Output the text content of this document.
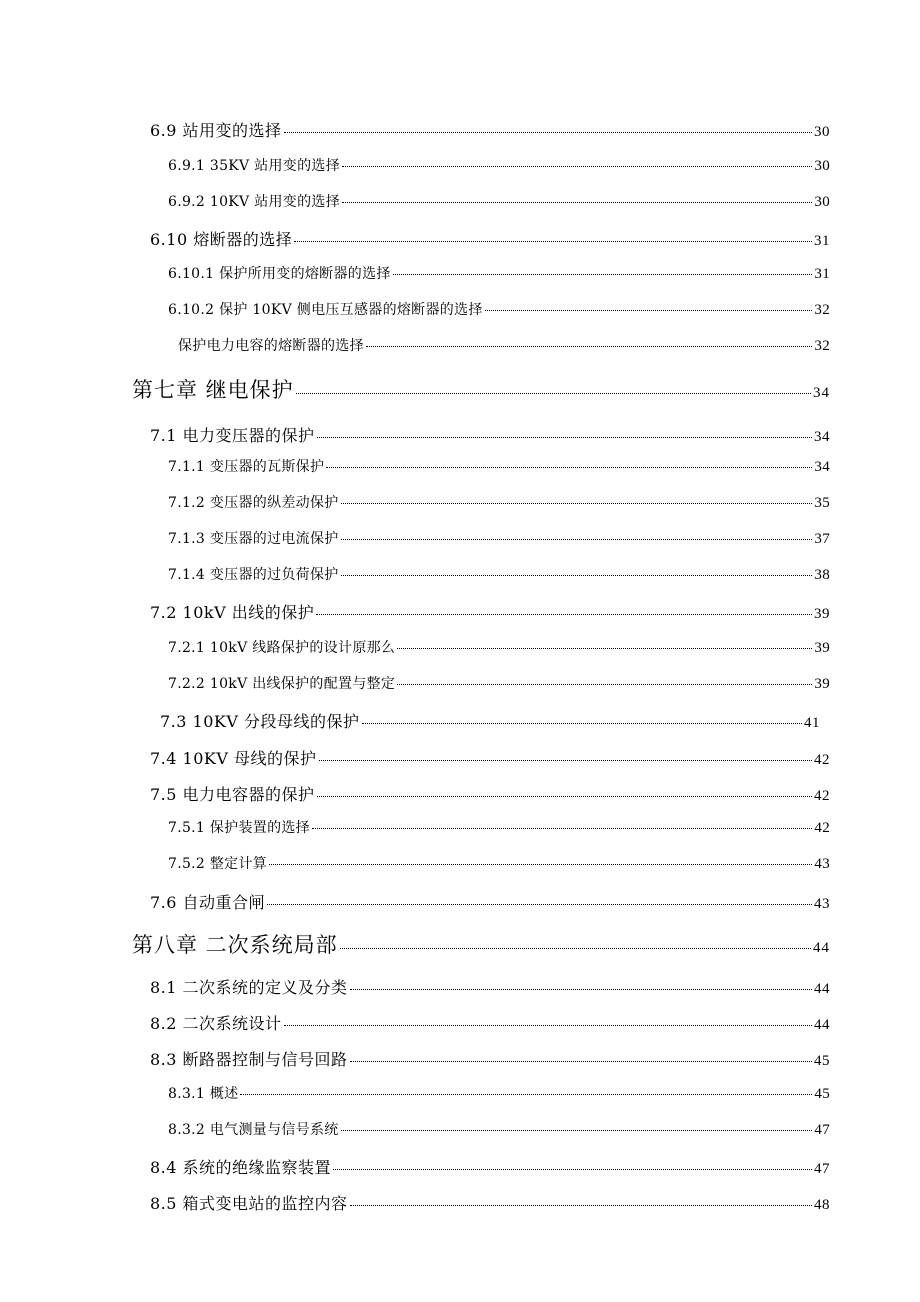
6.9 站用变的选择	30
6.9.1 35KV 站用变的选择	30
6.9.2 10KV 站用变的选择	30
6.10 熔断器的选择	31
6.10.1 保护所用变的熔断器的选择	31
6.10.2 保护 10KV 侧电压互感器的熔断器的选择	32
保护电力电容的熔断器的选择	32
第七章 继电保护	34
7.1 电力变压器的保护	34
7.1.1 变压器的瓦斯保护	34
7.1.2 变压器的纵差动保护	35
7.1.3 变压器的过电流保护	37
7.1.4 变压器的过负荷保护	38
7.2 10kV 出线的保护	39
7.2.1 10kV 线路保护的设计原那么	39
7.2.2 10kV 出线保护的配置与整定	39
7.3 10KV 分段母线的保护	41
7.4 10KV 母线的保护	42
7.5 电力电容器的保护	42
7.5.1 保护装置的选择	42
7.5.2 整定计算	43
7.6 自动重合闸	43
第八章 二次系统局部	44
8.1 二次系统的定义及分类	44
8.2 二次系统设计	44
8.3 断路器控制与信号回路	45
8.3.1 概述	45
8.3.2 电气测量与信号系统	47
8.4 系统的绝缘监察装置	47
8.5 箱式变电站的监控内容	48
